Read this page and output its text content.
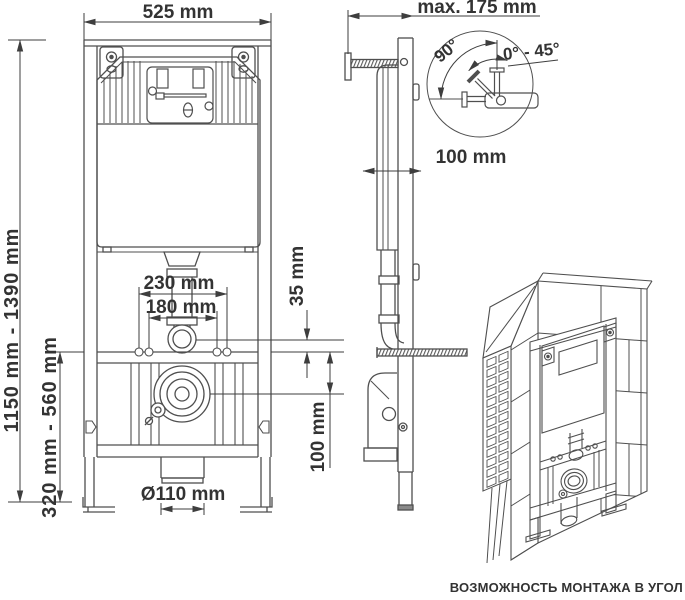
525 mm
1150 mm - 1390 mm 320 mm - 560 mm
230 mm
180 mm
35 mm
100 mm
Ø110 mm
max. 175 mm
100 mm
90° 0° - 45°
ВОЗМОЖНОСТЬ МОНТАЖА В УГОЛ
